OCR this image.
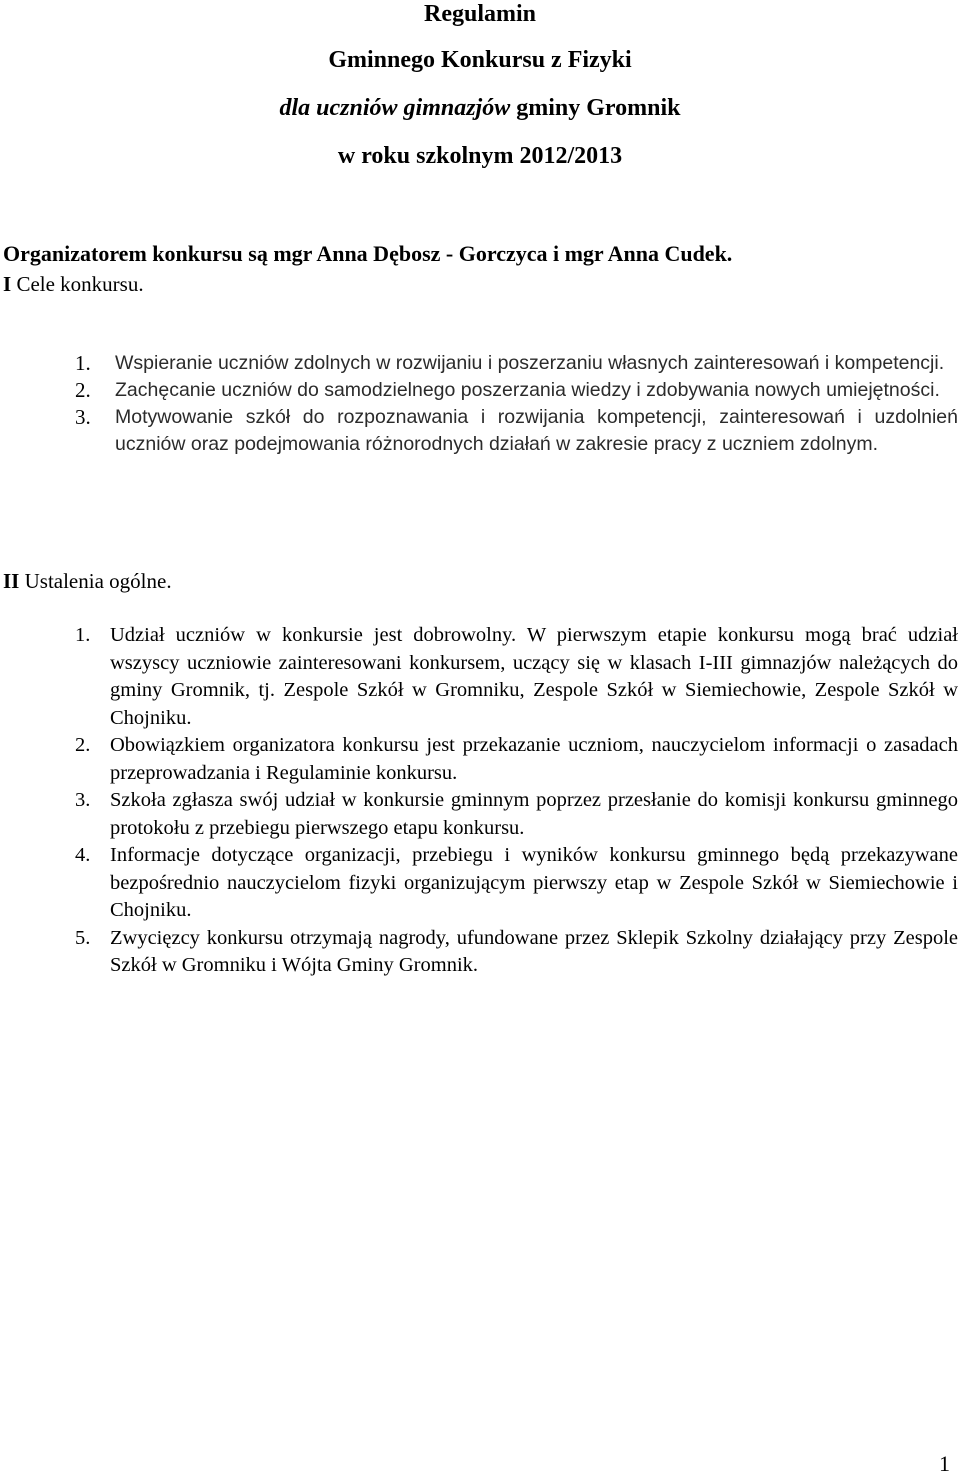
Regulamin
Gminnego Konkursu z Fizyki
dla uczniów gimnazjów gminy Gromnik
w roku szkolnym 2012/2013

Organizatorem konkursu są mgr Anna Dębosz - Gorczyca i mgr Anna Cudek.

I Cele konkursu.
1. Wspieranie uczniów zdolnych w rozwijaniu i poszerzaniu własnych zainteresowań i kompetencji.
2. Zachęcanie uczniów do samodzielnego poszerzania wiedzy i zdobywania nowych umiejętności.
3. Motywowanie szkół do rozpoznawania i rozwijania kompetencji, zainteresowań i uzdolnień uczniów oraz podejmowania różnorodnych działań w zakresie pracy z uczniem zdolnym.
II Ustalenia ogólne.
1. Udział uczniów w konkursie jest dobrowolny. W pierwszym etapie konkursu mogą brać udział wszyscy uczniowie zainteresowani konkursem, uczący się w klasach I-III gimnazjów należących do gminy Gromnik, tj. Zespole Szkół w Gromniku, Zespole Szkół w Siemiechowie, Zespole Szkół w Chojniku.
2. Obowiązkiem organizatora konkursu jest przekazanie uczniom, nauczycielom informacji o zasadach przeprowadzania i Regulaminie konkursu.
3. Szkoła zgłasza swój udział w konkursie gminnym poprzez przesłanie do komisji konkursu gminnego protokołu z przebiegu pierwszego etapu konkursu.
4. Informacje dotyczące organizacji, przebiegu i wyników konkursu gminnego będą przekazywane bezpośrednio nauczycielom fizyki organizującym pierwszy etap w Zespole Szkół w Siemiechowie i Chojniku.
5. Zwycięzcy konkursu otrzymają nagrody, ufundowane przez Sklepik Szkolny działający przy Zespole Szkół w Gromniku i Wójta Gminy Gromnik.

1
